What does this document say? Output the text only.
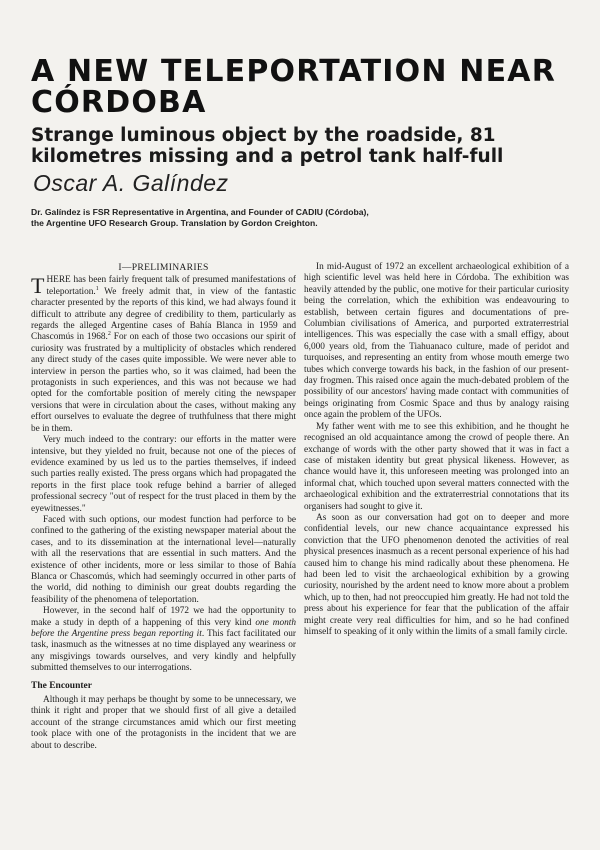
A NEW TELEPORTATION NEAR CÓRDOBA
Strange luminous object by the roadside, 81 kilometres missing and a petrol tank half-full
Oscar A. Galíndez
Dr. Galíndez is FSR Representative in Argentina, and Founder of CADIU (Córdoba),
the Argentine UFO Research Group. Translation by Gordon Creighton.
I—PRELIMINARIES

THERE has been fairly frequent talk of presumed manifestations of teleportation.$^1$ We freely admit that, in view of the fantastic character presented by the reports of this kind, we had always found it difficult to attribute any degree of credibility to them, particularly as regards the alleged Argentine cases of Bahía Blanca in 1959 and Chascomús in 1968.$^2$ For on each of those two occasions our spirit of curiosity was frustrated by a multiplicity of obstacles which rendered any direct study of the cases quite impossible. We were never able to interview in person the parties who, so it was claimed, had been the protagonists in such experiences, and this was not because we had opted for the comfortable position of merely citing the newspaper versions that were in circulation about the cases, without making any effort ourselves to evaluate the degree of truthfulness that there might be in them.

Very much indeed to the contrary: our efforts in the matter were intensive, but they yielded no fruit, because not one of the pieces of evidence examined by us led us to the parties themselves, if indeed such parties really existed. The press organs which had propagated the reports in the first place took refuge behind a barrier of alleged professional secrecy "out of respect for the trust placed in them by the eyewitnesses."

Faced with such options, our modest function had perforce to be confined to the gathering of the existing newspaper material about the cases, and to its dissemination at the international level—naturally with all the reservations that are essential in such matters. And the existence of other incidents, more or less similar to those of Bahía Blanca or Chascomús, which had seemingly occurred in other parts of the world, did nothing to diminish our great doubts regarding the feasibility of the phenomena of teleportation.

However, in the second half of 1972 we had the opportunity to make a study in depth of a happening of this very kind one month before the Argentine press began reporting it. This fact facilitated our task, inasmuch as the witnesses at no time displayed any weariness or any misgivings towards ourselves, and very kindly and helpfully submitted themselves to our interrogations.

The Encounter

Although it may perhaps be thought by some to be unnecessary, we think it right and proper that we should first of all give a detailed account of the strange circumstances amid which our first meeting took place with one of the protagonists in the incident that we are about to describe.

In mid-August of 1972 an excellent archaeological exhibition of a high scientific level was held here in Córdoba. The exhibition was heavily attended by the public, one motive for their particular curiosity being the correlation, which the exhibition was endeavouring to establish, between certain figures and documentations of pre-Columbian civilisations of America, and purported extraterrestrial intelligences. This was especially the case with a small effigy, about 6,000 years old, from the Tiahuanaco culture, made of peridot and turquoises, and representing an entity from whose mouth emerge two tubes which converge towards his back, in the fashion of our present-day frogmen. This raised once again the much-debated problem of the possibility of our ancestors' having made contact with communities of beings originating from Cosmic Space and thus by analogy raising once again the problem of the UFOs.

My father went with me to see this exhibition, and he thought he recognised an old acquaintance among the crowd of people there. An exchange of words with the other party showed that it was in fact a case of mistaken identity but great physical likeness. However, as chance would have it, this unforeseen meeting was prolonged into an informal chat, which touched upon several matters connected with the archaeological exhibition and the extraterrestrial connotations that its organisers had sought to give it.

As soon as our conversation had got on to deeper and more confidential levels, our new chance acquaintance expressed his conviction that the UFO phenomenon denoted the activities of real physical presences inasmuch as a recent personal experience of his had caused him to change his mind radically about these phenomena. He had been led to visit the archaeological exhibition by a growing curiosity, nourished by the ardent need to know more about a problem which, up to then, had not preoccupied him greatly. He had not told the press about his experience for fear that the publication of the affair might create very real difficulties for him, and so he had confined himself to speaking of it only within the limits of a small family circle.
